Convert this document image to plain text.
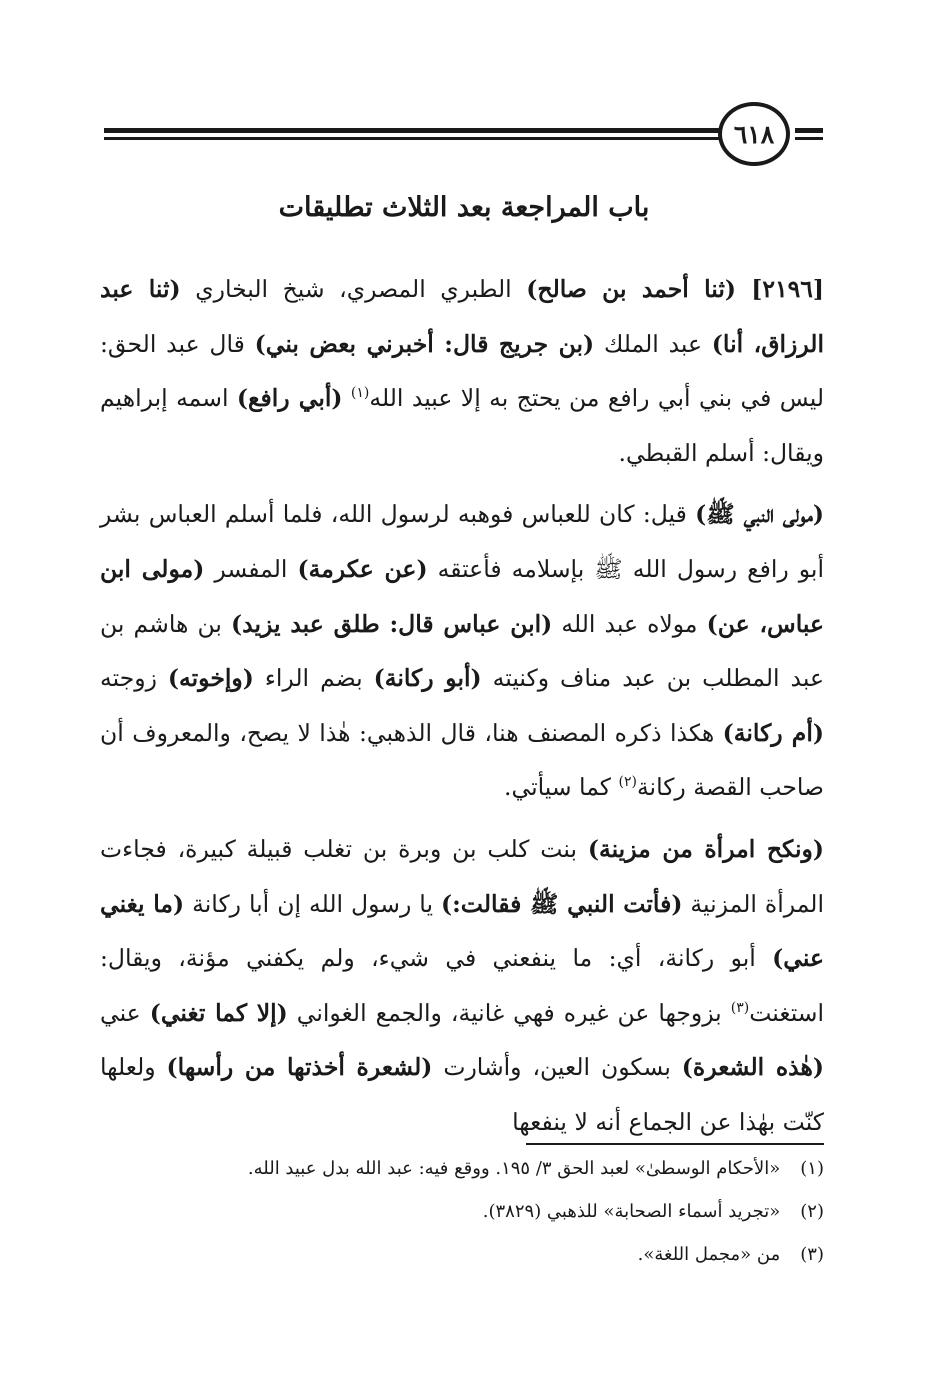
٦١٨
باب المراجعة بعد الثلاث تطليقات

[٢١٩٦] (ثنا أحمد بن صالح) الطبري المصري، شيخ البخاري (ثنا عبد الرزاق، أنا) عبد الملك (بن جريج قال: أخبرني بعض بني) قال عبد الحق: ليس في بني أبي رافع من يحتج به إلا عبيد الله$^{(١)}$ (أبي رافع) اسمه إبراهيم ويقال: أسلم القبطي.

(مولى النبي ﷺ) قيل: كان للعباس فوهبه لرسول الله، فلما أسلم العباس بشر أبو رافع رسول الله ﷺ بإسلامه فأعتقه (عن عكرمة) المفسر (مولى ابن عباس، عن) مولاه عبد الله (ابن عباس قال: طلق عبد يزيد) بن هاشم بن عبد المطلب بن عبد مناف وكنيته (أبو ركانة) بضم الراء (وإخوته) زوجته (أم ركانة) هكذا ذكره المصنف هنا، قال الذهبي: هٰذا لا يصح، والمعروف أن صاحب القصة ركانة$^{(٢)}$ كما سيأتي.

(ونكح امرأة من مزينة) بنت كلب بن وبرة بن تغلب قبيلة كبيرة، فجاءت المرأة المزنية (فأتت النبي ﷺ فقالت:) يا رسول الله إن أبا ركانة (ما يغني عني) أبو ركانة، أي: ما ينفعني في شيء، ولم يكفني مؤنة، ويقال: استغنت$^{(٣)}$ بزوجها عن غيره فهي غانية، والجمع الغواني (إلا كما تغني) عني (هٰذه الشعرة) بسكون العين، وأشارت (لشعرة أخذتها من رأسها) ولعلها كنّت بهٰذا عن الجماع أنه لا ينفعها

(١) «الأحكام الوسطىٰ» لعبد الحق ٣/ ١٩٥. ووقع فيه: عبد الله بدل عبيد الله.
(٢) «تجريد أسماء الصحابة» للذهبي (٣٨٢٩).
(٣) من «مجمل اللغة».
